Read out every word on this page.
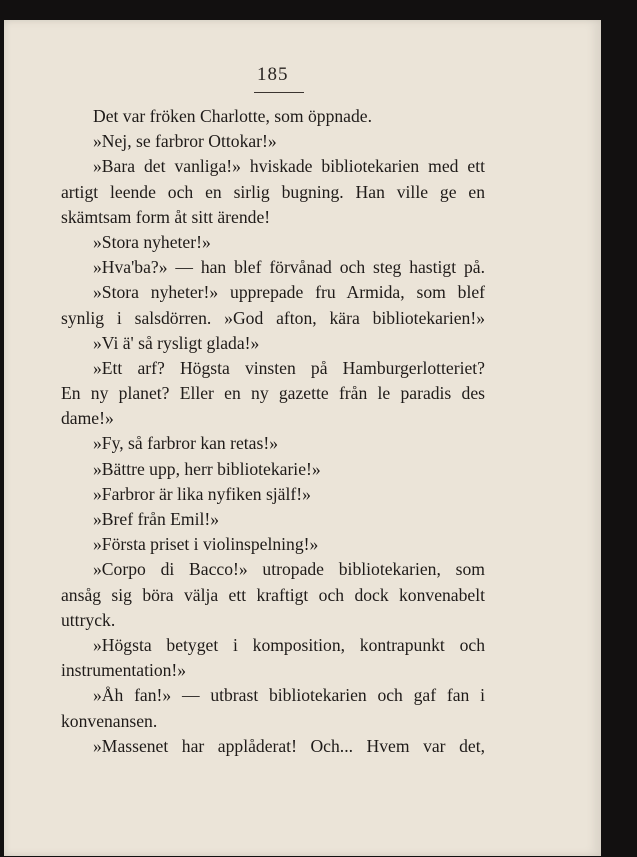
185
Det var fröken Charlotte, som öppnade.
»Nej, se farbror Ottokar!»
»Bara det vanliga!» hviskade bibliotekarien med ett
artigt leende och en sirlig bugning. Han ville ge en
skämtsam form åt sitt ärende!
»Stora nyheter!»
»Hva'ba?» — han blef förvånad och steg hastigt på.
»Stora nyheter!» upprepade fru Armida, som blef
synlig i salsdörren. »God afton, kära bibliotekarien!»
»Vi ä' så rysligt glada!»
»Ett arf? Högsta vinsten på Hamburgerlotteriet?
En ny planet? Eller en ny gazette från le paradis des
dame!»
»Fy, så farbror kan retas!»
»Bättre upp, herr bibliotekarie!»
»Farbror är lika nyfiken själf!»
»Bref från Emil!»
»Första priset i violinspelning!»
»Corpo di Bacco!» utropade bibliotekarien, som
ansåg sig böra välja ett kraftigt och dock konvenabelt
uttryck.
»Högsta betyget i komposition, kontrapunkt och
instrumentation!»
»Åh fan!» — utbrast bibliotekarien och gaf fan i
konvenansen.
»Massenet har applåderat! Och... Hvem var det,
